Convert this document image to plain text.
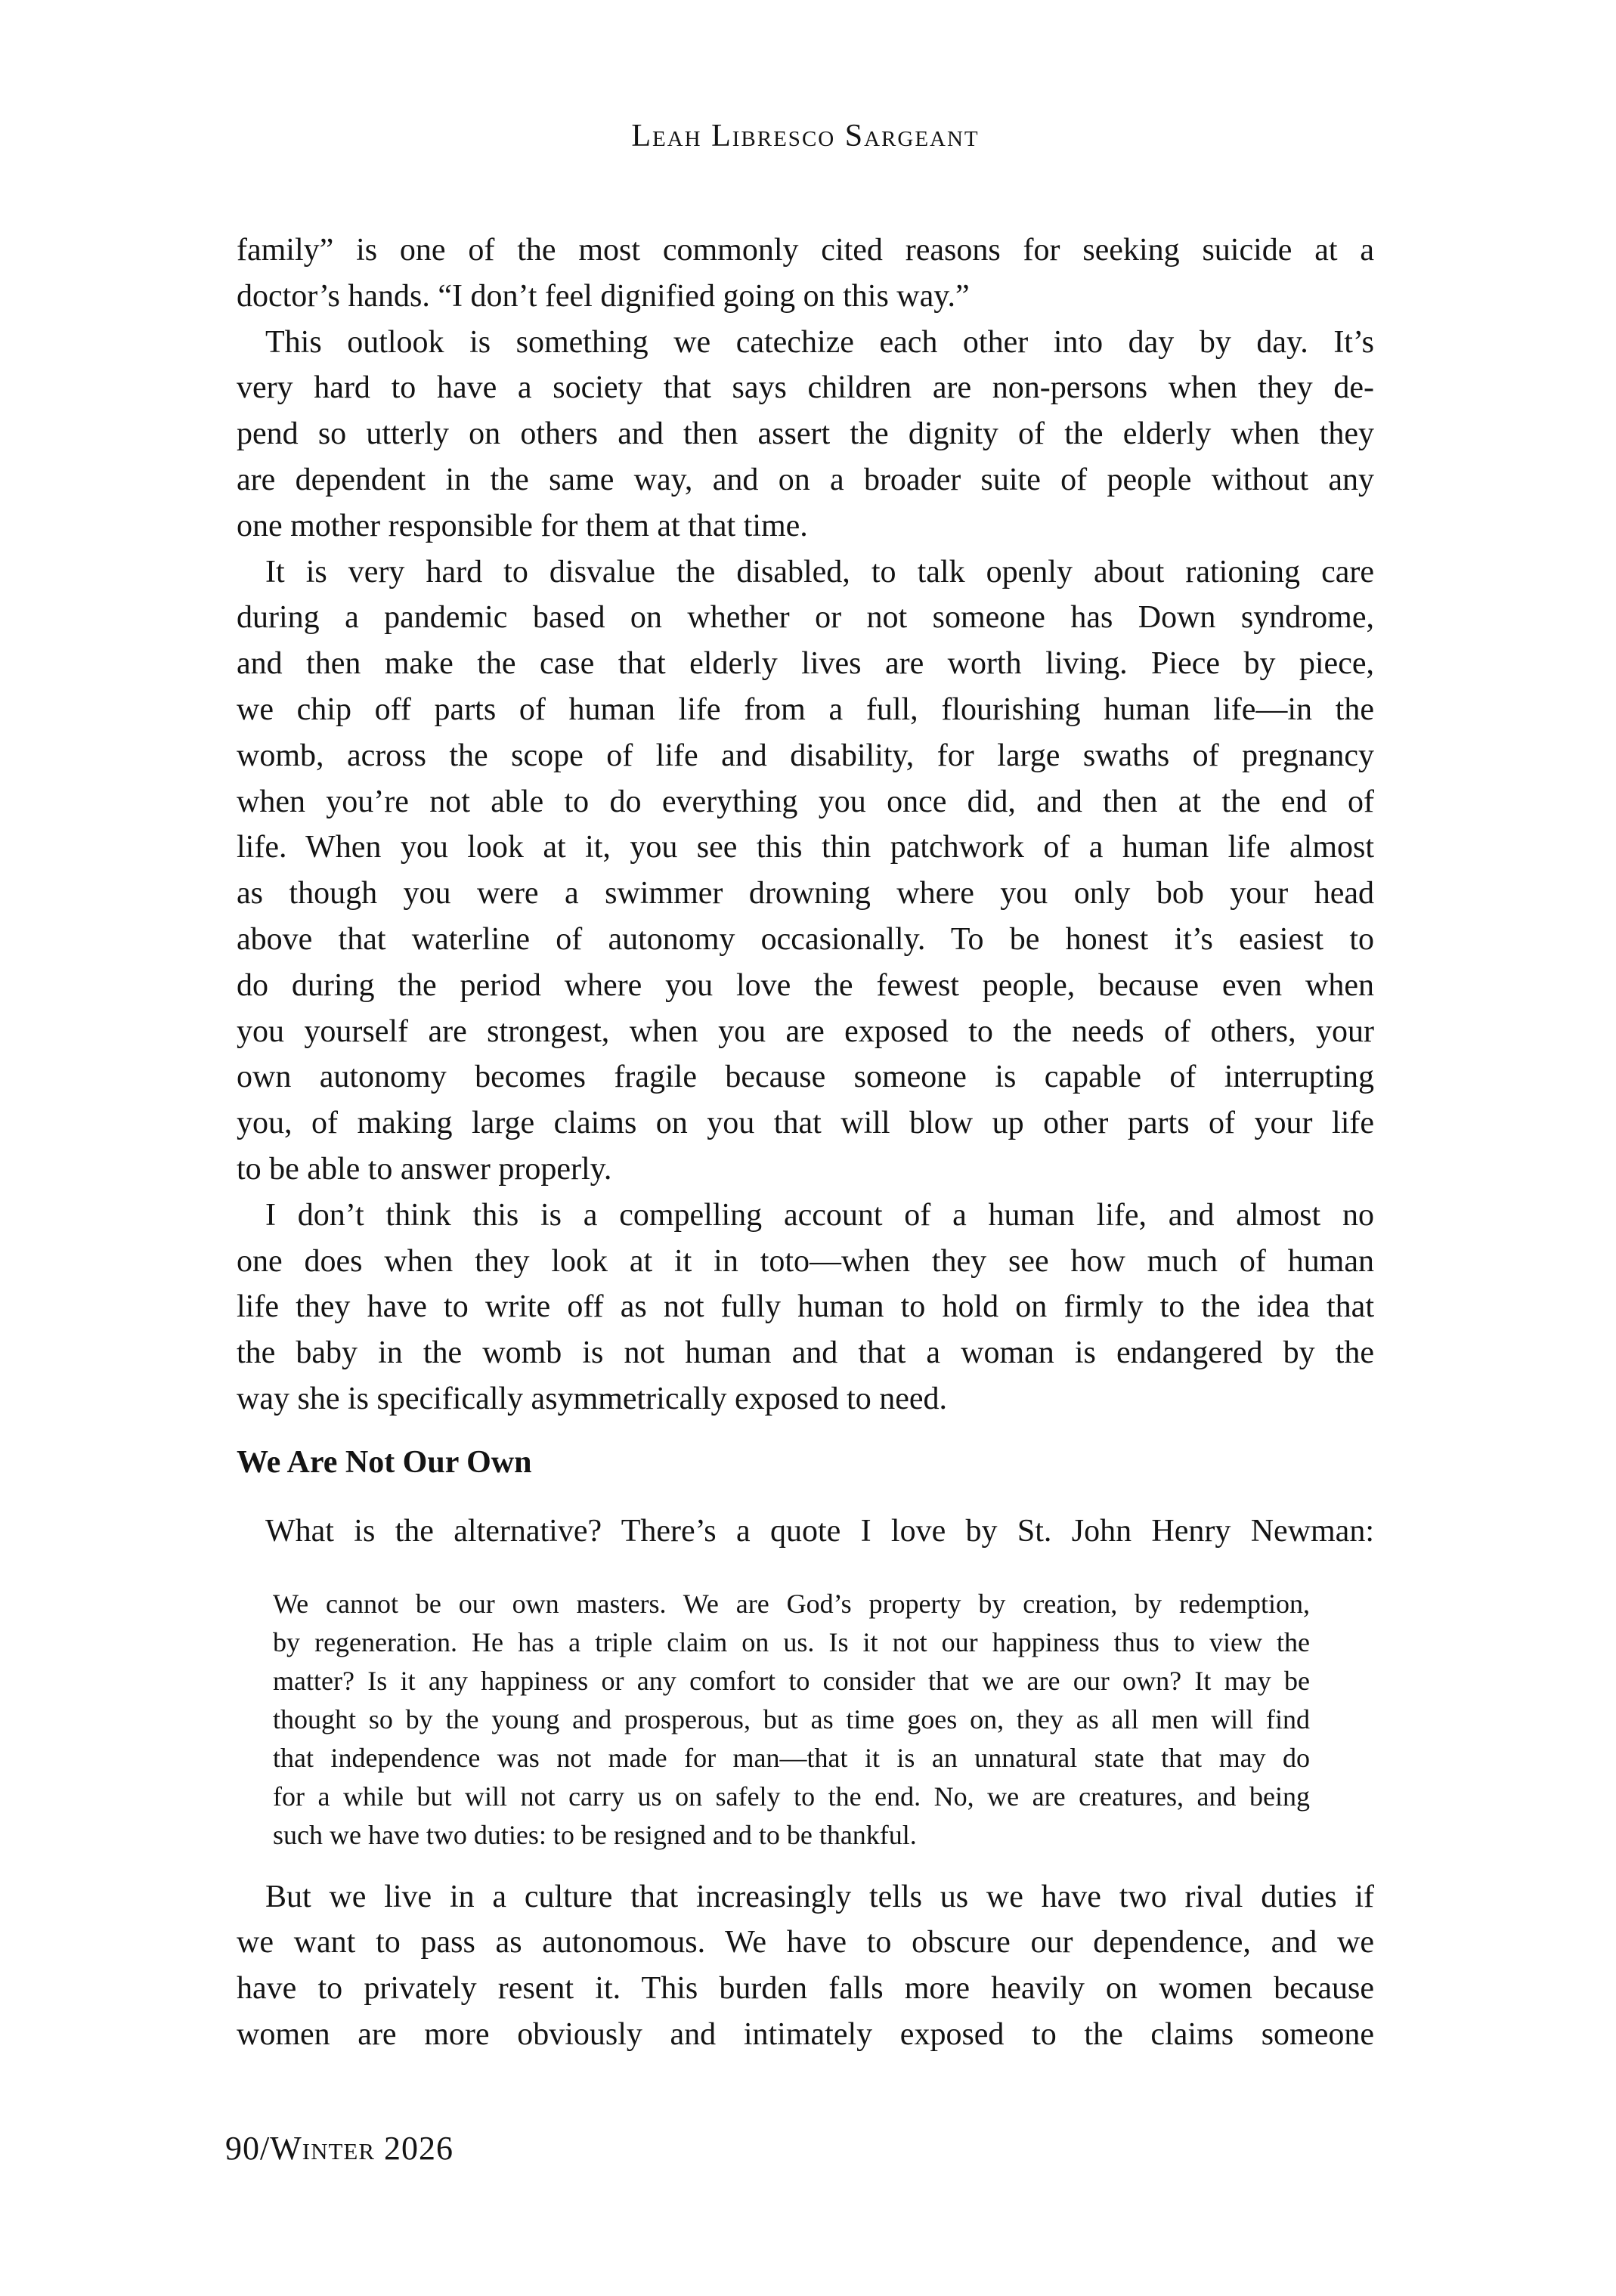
Leah Libresco Sargeant
family” is one of the most commonly cited reasons for seeking suicide at a
doctor’s hands. “I don’t feel dignified going on this way.”
This outlook is something we catechize each other into day by day. It’s
very hard to have a society that says children are non-persons when they de-
pend so utterly on others and then assert the dignity of the elderly when they
are dependent in the same way, and on a broader suite of people without any
one mother responsible for them at that time.
It is very hard to disvalue the disabled, to talk openly about rationing care
during a pandemic based on whether or not someone has Down syndrome,
and then make the case that elderly lives are worth living. Piece by piece,
we chip off parts of human life from a full, flourishing human life—in the
womb, across the scope of life and disability, for large swaths of pregnancy
when you’re not able to do everything you once did, and then at the end of
life. When you look at it, you see this thin patchwork of a human life almost
as though you were a swimmer drowning where you only bob your head
above that waterline of autonomy occasionally. To be honest it’s easiest to
do during the period where you love the fewest people, because even when
you yourself are strongest, when you are exposed to the needs of others, your
own autonomy becomes fragile because someone is capable of interrupting
you, of making large claims on you that will blow up other parts of your life
to be able to answer properly.
I don’t think this is a compelling account of a human life, and almost no
one does when they look at it in toto—when they see how much of human
life they have to write off as not fully human to hold on firmly to the idea that
the baby in the womb is not human and that a woman is endangered by the
way she is specifically asymmetrically exposed to need.
We Are Not Our Own
What is the alternative? There’s a quote I love by St. John Henry Newman:
We cannot be our own masters. We are God’s property by creation, by redemption,
by regeneration. He has a triple claim on us. Is it not our happiness thus to view the
matter? Is it any happiness or any comfort to consider that we are our own? It may be
thought so by the young and prosperous, but as time goes on, they as all men will find
that independence was not made for man—that it is an unnatural state that may do
for a while but will not carry us on safely to the end. No, we are creatures, and being
such we have two duties: to be resigned and to be thankful.
But we live in a culture that increasingly tells us we have two rival duties if
we want to pass as autonomous. We have to obscure our dependence, and we
have to privately resent it. This burden falls more heavily on women because
women are more obviously and intimately exposed to the claims someone
90/Winter 2026
